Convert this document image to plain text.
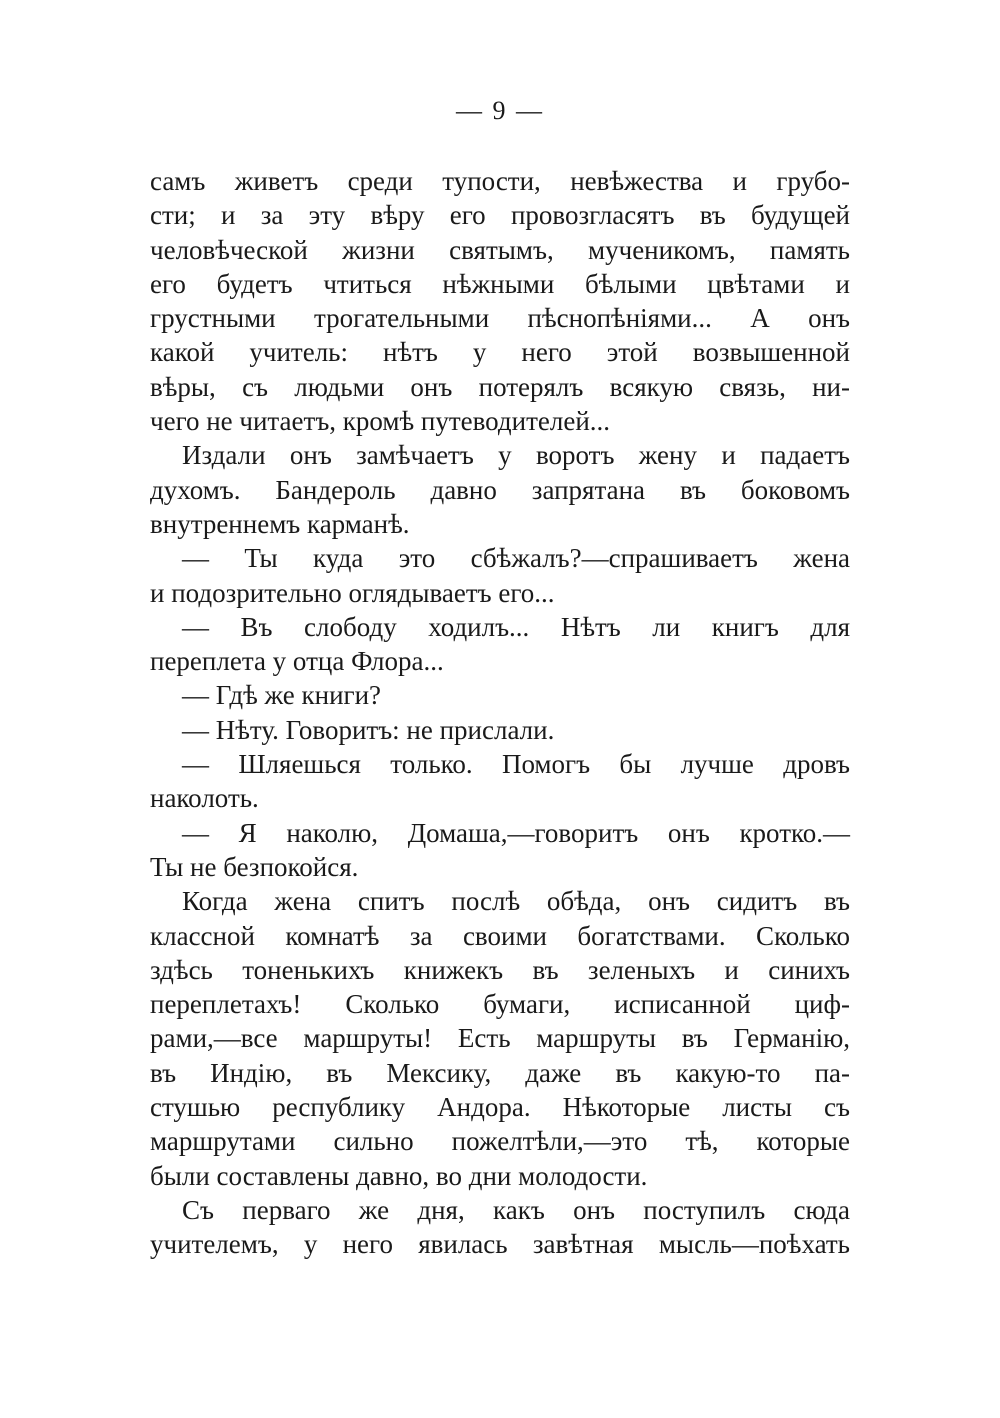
— 9 —
самъ живетъ среди тупости, невѣжества и грубо-
сти; и за эту вѣру его провозгласятъ въ будущей
человѣческой жизни святымъ, мученикомъ, память
его будетъ чтиться нѣжными бѣлыми цвѣтами и
грустными трогательными пѣснопѣніями... А онъ
какой учитель: нѣтъ у него этой возвышенной
вѣры, съ людьми онъ потерялъ всякую связь, ни-
чего не читаетъ, кромѣ путеводителей...
Издали онъ замѣчаетъ у воротъ жену и падаетъ
духомъ. Бандероль давно запрятана въ боковомъ
внутреннемъ карманѣ.
— Ты куда это сбѣжалъ?—спрашиваетъ жена
и подозрительно оглядываетъ его...
— Въ слободу ходилъ... Нѣтъ ли книгъ для
переплета у отца Флора...
— Гдѣ же книги?
— Нѣту. Говоритъ: не прислали.
— Шляешься только. Помогъ бы лучше дровъ
наколоть.
— Я наколю, Домаша,—говоритъ онъ кротко.—
Ты не безпокойся.
Когда жена спитъ послѣ обѣда, онъ сидитъ въ
классной комнатѣ за своими богатствами. Сколько
здѣсь тоненькихъ книжекъ въ зеленыхъ и синихъ
переплетахъ! Сколько бумаги, исписанной циф-
рами,—все маршруты! Есть маршруты въ Германію,
въ Индію, въ Мексику, даже въ какую-то па-
стушью республику Андора. Нѣкоторые листы съ
маршрутами сильно пожелтѣли,—это тѣ, которые
были составлены давно, во дни молодости.
Съ перваго же дня, какъ онъ поступилъ сюда
учителемъ, у него явилась завѣтная мысль—поѣхать
